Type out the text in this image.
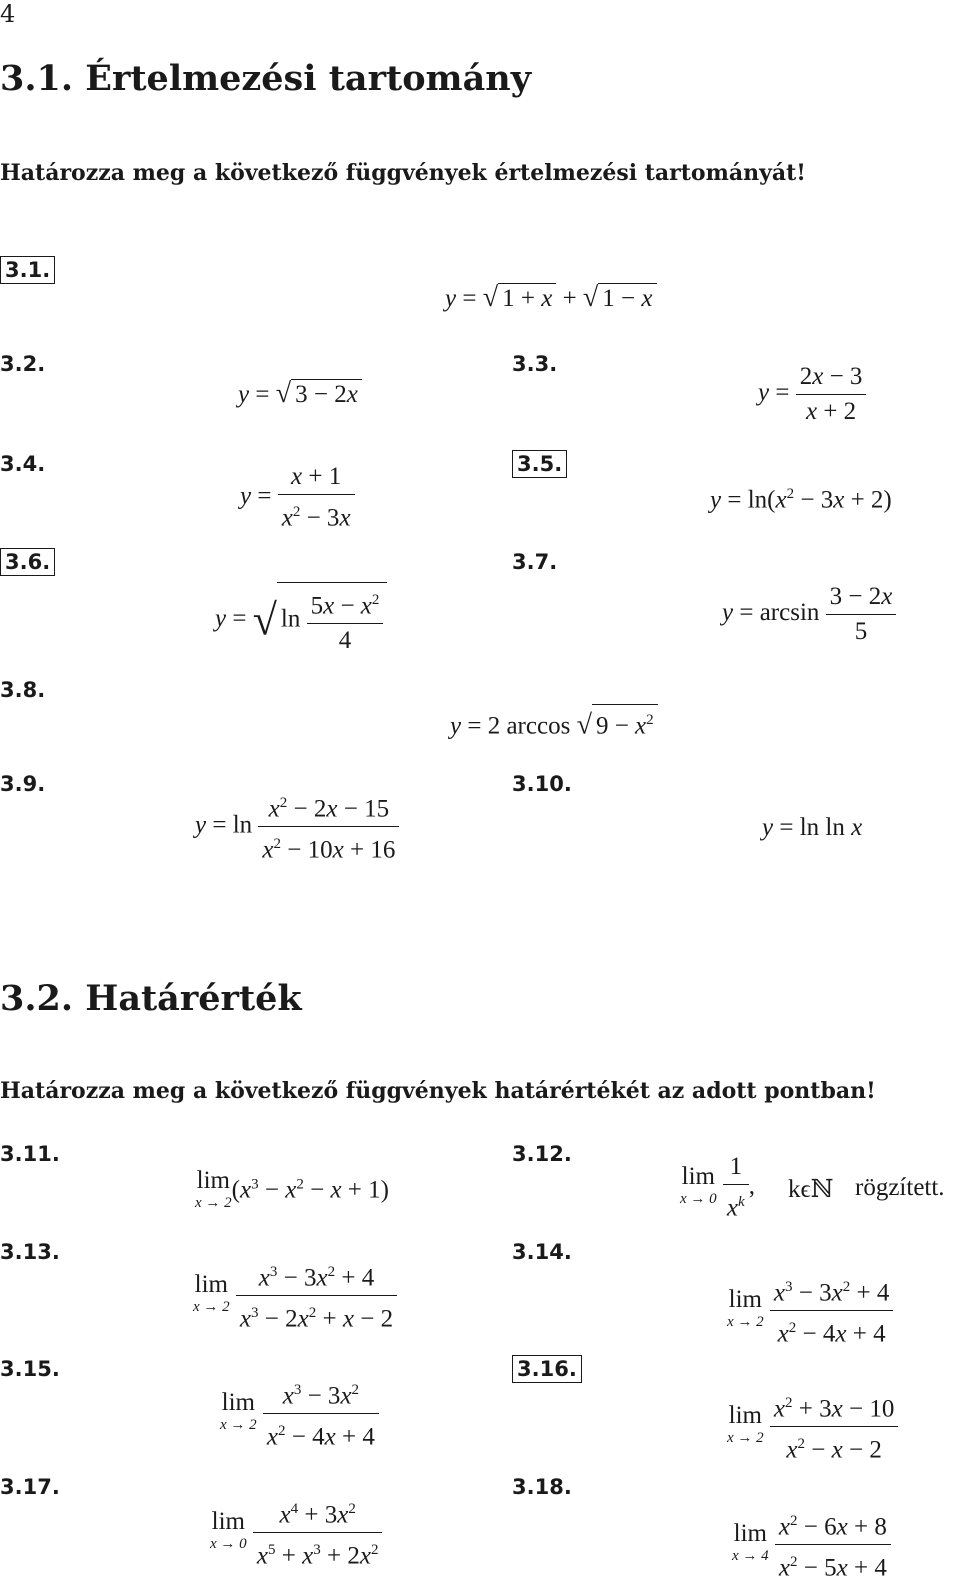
4
3.1. Értelmezési tartomány
Határozza meg a következő függvények értelmezési tartományát!
3.1.
y = √ 1 + x + √ 1 − x
3.2.
y = √ 3 − 2x
3.3.
$y = \frac{2x - 3}{x + 2}$
3.4.
$y = \frac{x + 1}{x^2 - 3x}$	3.5.
$y = \ln(x^2 - 3x + 2)$
3.6.
y = √ $\ln \frac{5x - x^2}{4}$
3.7.
$y = \arcsin \frac{3 - 2x}{5}$
3.8.
y = 2 arccos √ $9 - x^2$
3.9.
$y = \ln \frac{x^2 - 2x - 15}{x^2 - 10x + 16}$
3.10.
y = ln ln x
3.2. Határérték
Határozza meg a következő függvények határértékét az adott pontban!
3.11.
lim
x → 2 $(x^3 - x^2 - x + 1)$
3.12.
lim
x → 0
$\frac{1}{x^k}$ , kϵℕ rögzített.
3.13.
lim
x → 2
$\frac{x^3 - 3x^2 + 4}{x^3 - 2x^2 + x - 2}$
3.14.
lim
x → 2
$\frac{x^3 - 3x^2 + 4}{x^2 - 4x + 4}$
3.15.
lim
x → 2
$\frac{x^3 - 3x^2}{x^2 - 4x + 4}$
3.16.
lim
x → 2
$\frac{x^2 + 3x - 10}{x^2 - x - 2}$
3.17.
lim
x → 0
$\frac{x^4 + 3x^2}{x^5 + x^3 + 2x^2}$
3.18.
lim
x → 4
$\frac{x^2 - 6x + 8}{x^2 - 5x + 4}$
